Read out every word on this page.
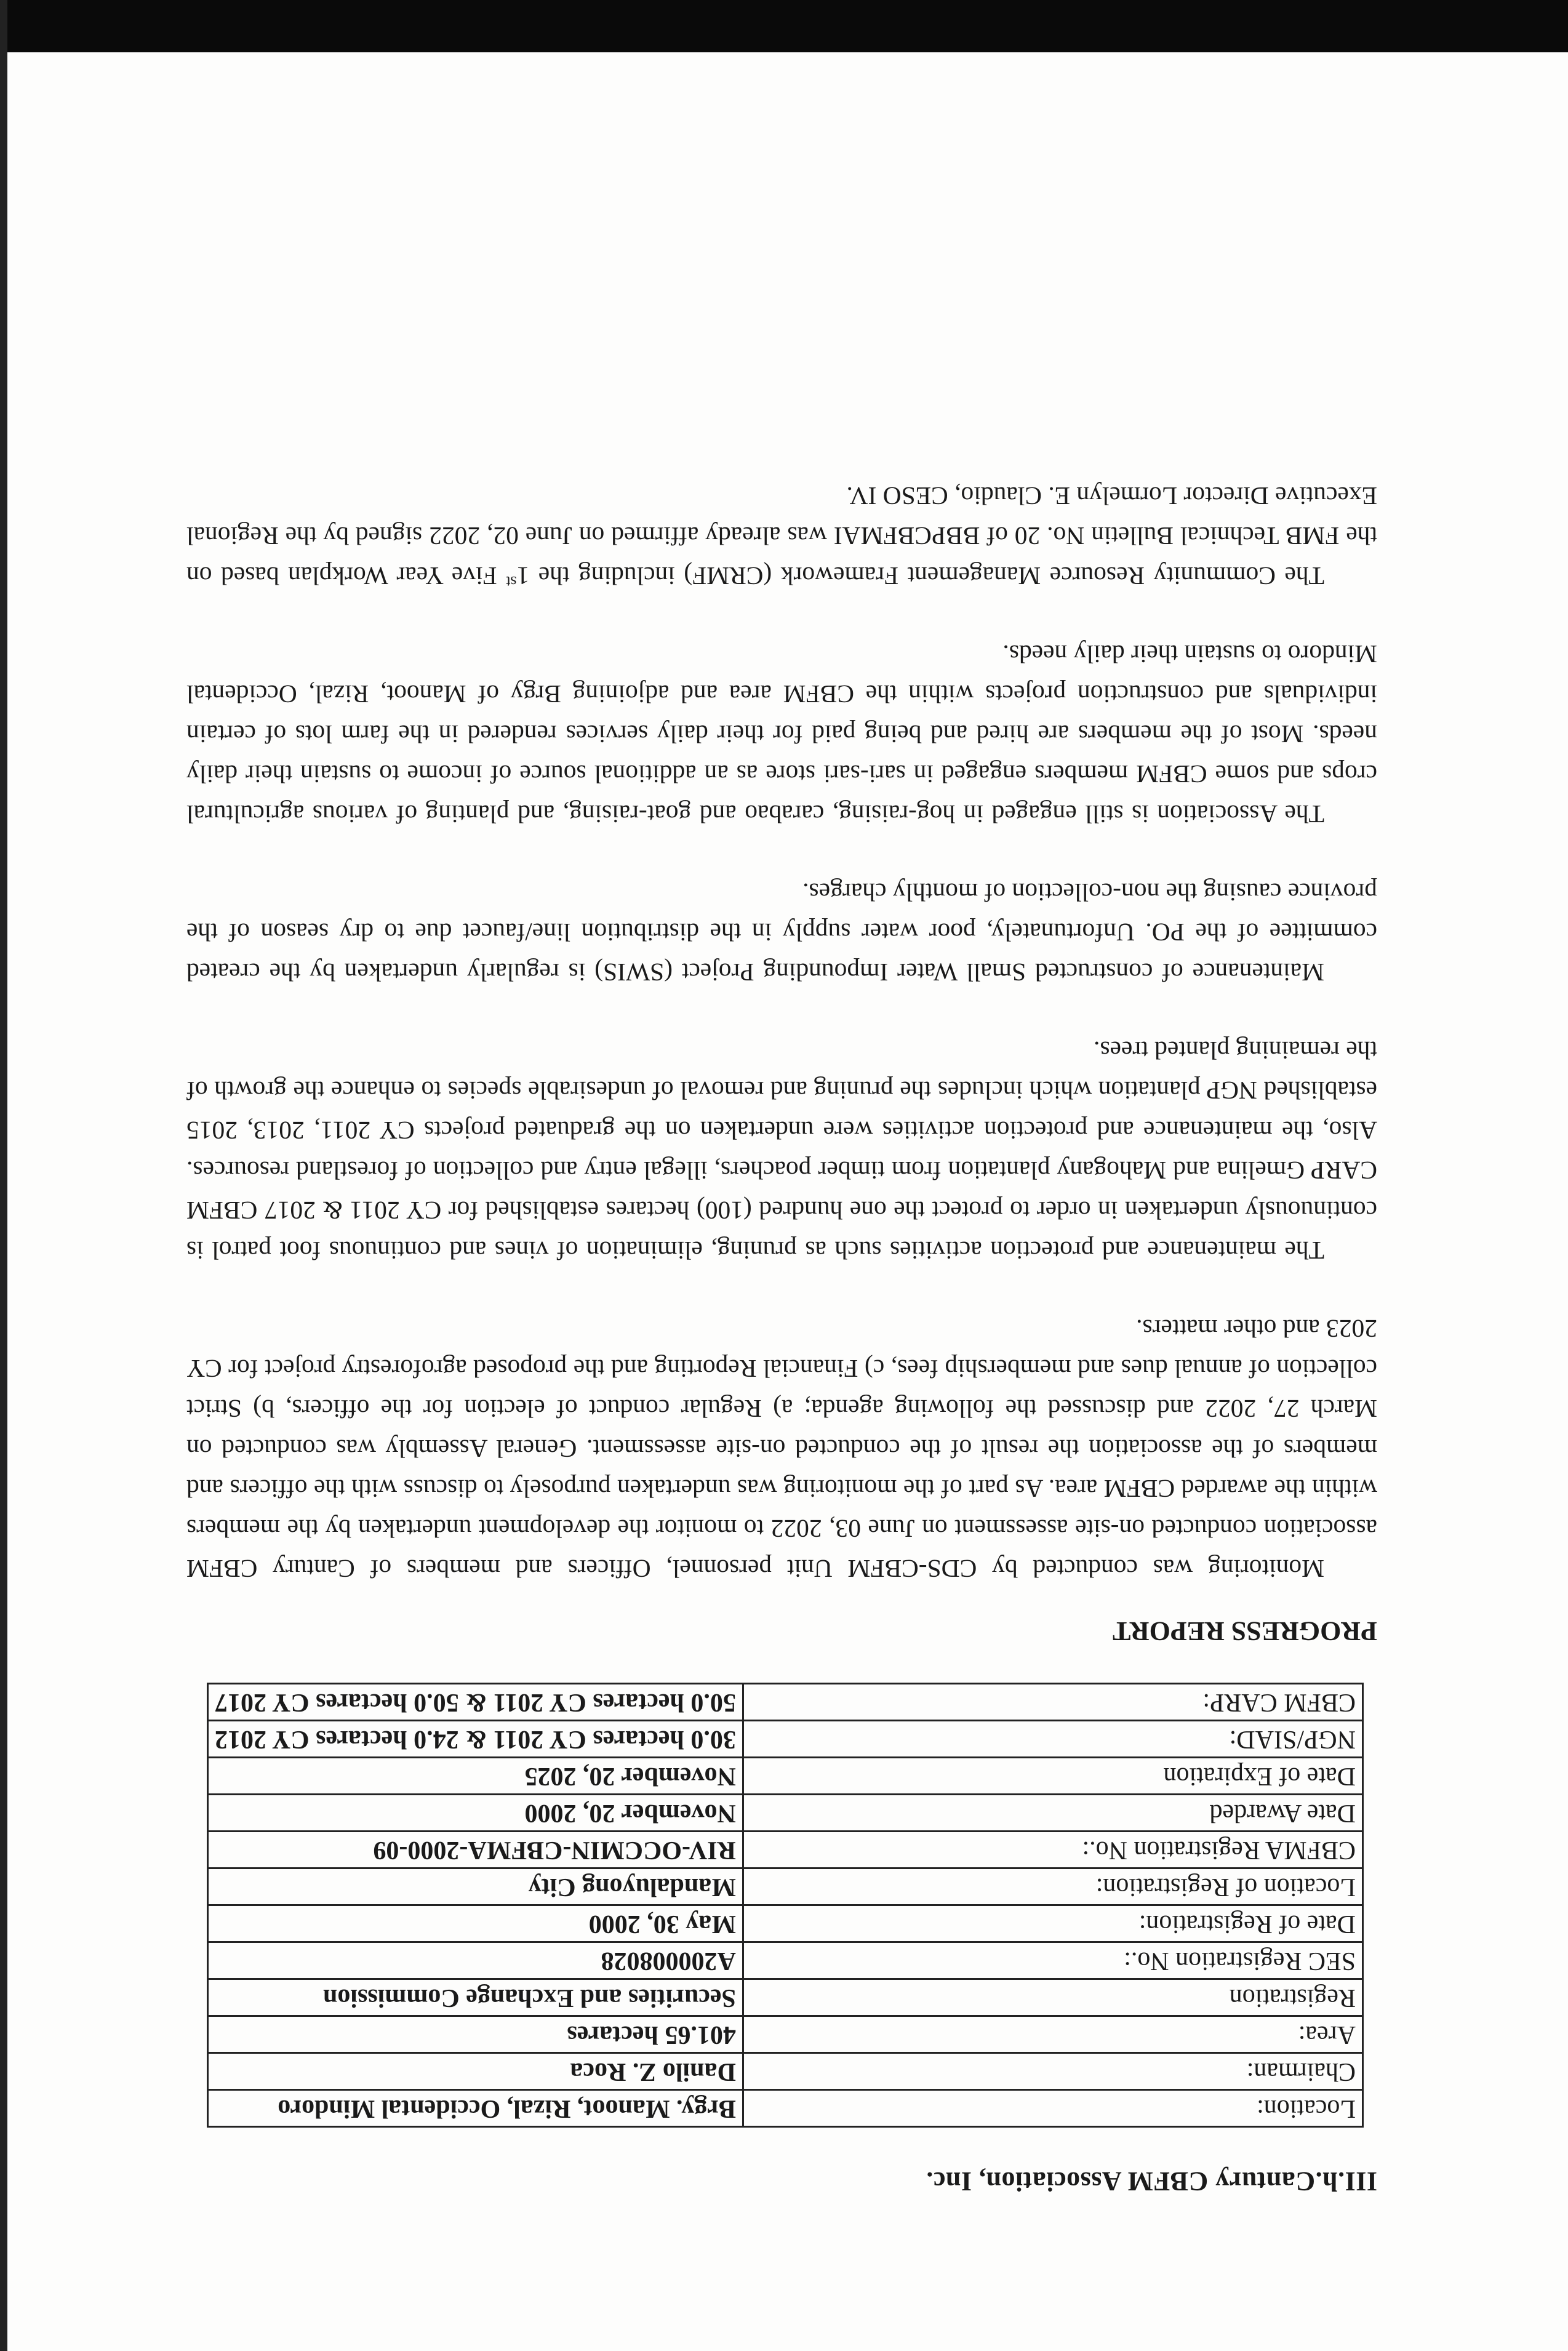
III.h.Cantury CBFM Association, Inc.
Location:	Brgy. Manoot, Rizal, Occidental Mindoro
Chairman:	Danilo Z. Roca
Area:	401.65 hectares
Registration	Securities and Exchange Commission
SEC Registration No.:	A200008028
Date of Registration:	May 30, 2000
Location of Registration:	Mandaluyong City
CBFMA Registration No.:	RIV-OCCMIN-CBFMA-2000-09
Date Awarded	November 20, 2000
Date of Expiration	November 20, 2025
NGP/SIAD:	30.0 hectares CY 2011 & 24.0 hectares CY 2012
CBFM CARP:	50.0 hectares CY 2011 & 50.0 hectares CY 2017
PROGRESS REPORT

Monitoring was conducted by CDS-CBFM Unit personnel, Officers and members of Cantury CBFM association conducted on-site assessment on June 03, 2022 to monitor the development undertaken by the members within the awarded CBFM area. As part of the monitoring was undertaken purposely to discuss with the officers and members of the association the result of the conducted on-site assessment. General Assembly was conducted on March 27, 2022 and discussed the following agenda; a) Regular conduct of election for the officers, b) Strict collection of annual dues and membership fees, c) Financial Reporting and the proposed agroforestry project for CY 2023 and other matters.

The maintenance and protection activities such as pruning, elimination of vines and continuous foot patrol is continuously undertaken in order to protect the one hundred (100) hectares established for CY 2011 & 2017 CBFM CARP Gmelina and Mahogany plantation from timber poachers, illegal entry and collection of forestland resources. Also, the maintenance and protection activities were undertaken on the graduated projects CY 2011, 2013, 2015 established NGP plantation which includes the pruning and removal of undesirable species to enhance the growth of the remaining planted trees.

Maintenance of constructed Small Water Impounding Project (SWIS) is regularly undertaken by the created committee of the PO. Unfortunately, poor water supply in the distribution line/faucet due to dry season of the province causing the non-collection of monthly charges.

The Association is still engaged in hog-raising, carabao and goat-raising, and planting of various agricultural crops and some CBFM members engaged in sari-sari store as an additional source of income to sustain their daily needs. Most of the members are hired and being paid for their daily services rendered in the farm lots of certain individuals and construction projects within the CBFM area and adjoining Brgy of Manoot, Rizal, Occidental Mindoro to sustain their daily needs.

The Community Resource Management Framework (CRMF) including the 1st Five Year Workplan based on the FMB Technical Bulletin No. 20 of BBPCBFMAI was already affirmed on June 02, 2022 signed by the Regional Executive Director Lormelyn E. Claudio, CESO IV.
